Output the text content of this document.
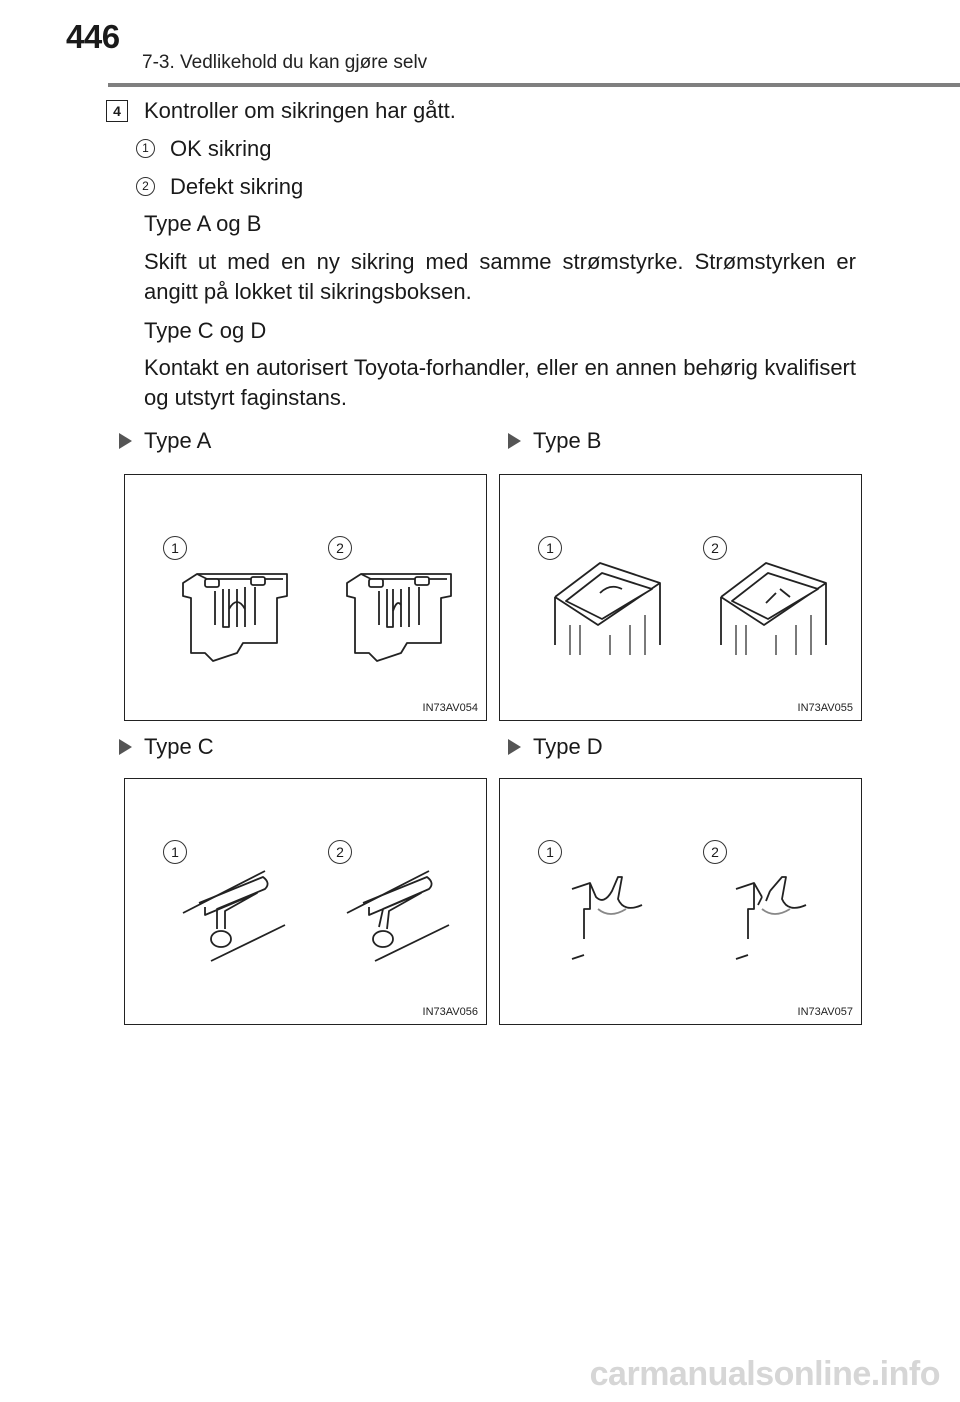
446
7-3. Vedlikehold du kan gjøre selv
4	Kontroller om sikringen har gått.
1 OK sikring
2 Defekt sikring
Type A og B
Skift ut med en ny sikring med samme strømstyrke. Strømstyrken er angitt på lokket til sikringsboksen.
Type C og D
Kontakt en autorisert Toyota-forhandler, eller en annen behørig kvalifisert og utstyrt faginstans.
Type A	Type B
1	2
IN73AV054
1	2
IN73AV055
Type C	Type D
1	2
IN73AV056
1	2
IN73AV057
carmanualsonline.info
